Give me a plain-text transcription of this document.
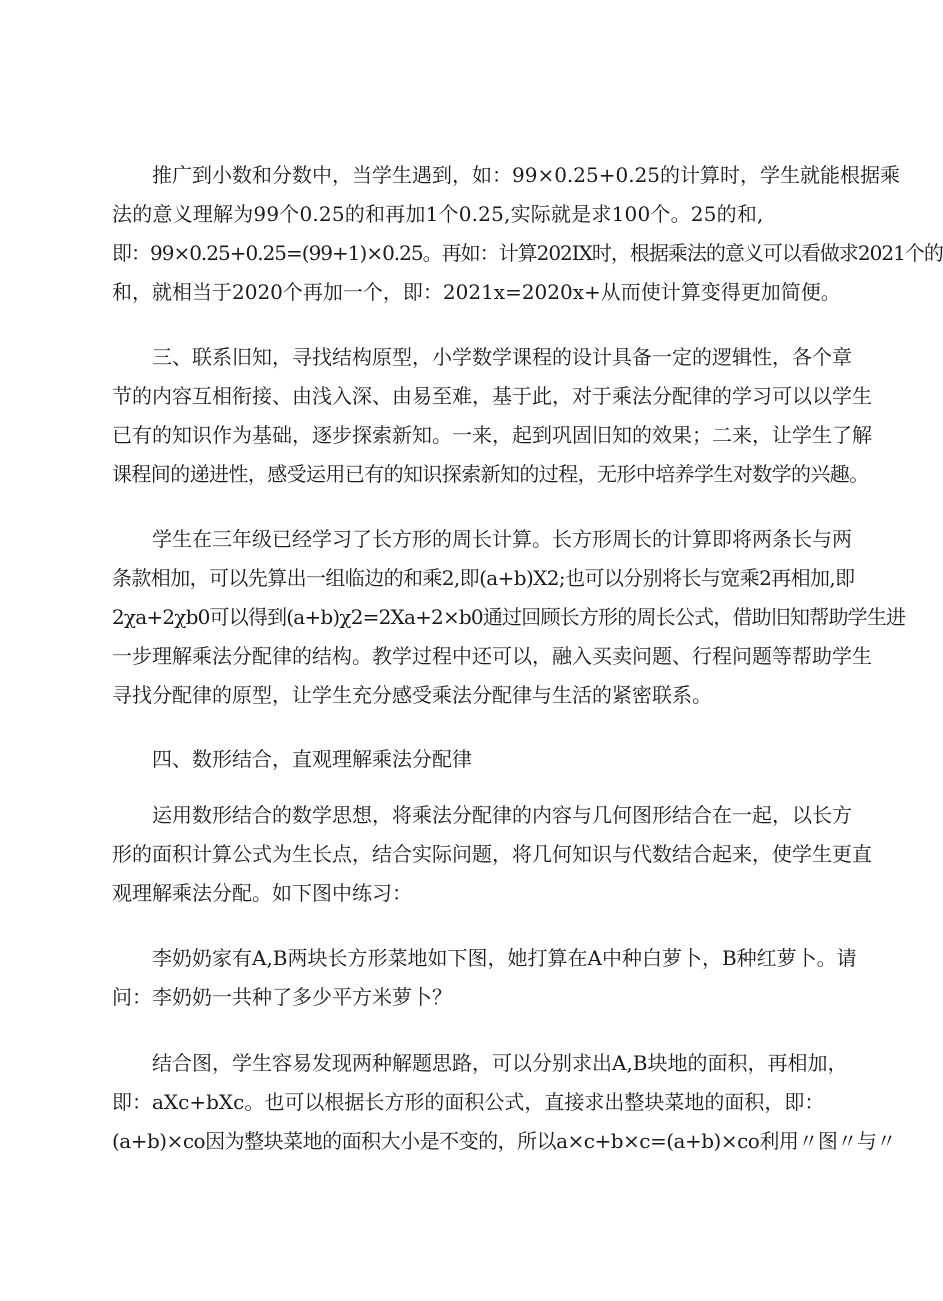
推广到小数和分数中，当学生遇到，如：99×0.25+0.25的计算时，学生就能根据乘
法的意义理解为99个0.25的和再加1个0.25,实际就是求100个。25的和,
即：99×0.25+0.25=(99+1)×0.25。再如：计算202IX时，根据乘法的意义可以看做求2021个的
和，就相当于2020个再加一个，即：2021x=2020x+从而使计算变得更加简便。
三、联系旧知，寻找结构原型，小学数学课程的设计具备一定的逻辑性，各个章
节的内容互相衔接、由浅入深、由易至难，基于此，对于乘法分配律的学习可以以学生
已有的知识作为基础，逐步探索新知。一来，起到巩固旧知的效果；二来，让学生了解
课程间的递进性，感受运用已有的知识探索新知的过程，无形中培养学生对数学的兴趣。
学生在三年级已经学习了长方形的周长计算。长方形周长的计算即将两条长与两
条款相加，可以先算出一组临边的和乘2,即(a+b)X2;也可以分别将长与宽乘2再相加,即
2χa+2χb0可以得到(a+b)χ2=2Xa+2×b0通过回顾长方形的周长公式，借助旧知帮助学生进
一步理解乘法分配律的结构。教学过程中还可以，融入买卖问题、行程问题等帮助学生
寻找分配律的原型，让学生充分感受乘法分配律与生活的紧密联系。
四、数形结合，直观理解乘法分配律
运用数形结合的数学思想，将乘法分配律的内容与几何图形结合在一起，以长方
形的面积计算公式为生长点，结合实际问题，将几何知识与代数结合起来，使学生更直
观理解乘法分配。如下图中练习：
李奶奶家有A,B两块长方形菜地如下图，她打算在A中种白萝卜，B种红萝卜。请
问：李奶奶一共种了多少平方米萝卜？
结合图，学生容易发现两种解题思路，可以分别求出A,B块地的面积，再相加，
即：aXc+bXc。也可以根据长方形的面积公式，直接求出整块菜地的面积，即：
(a+b)×co因为整块菜地的面积大小是不变的，所以a×c+b×c=(a+b)×co利用〃图〃与〃
